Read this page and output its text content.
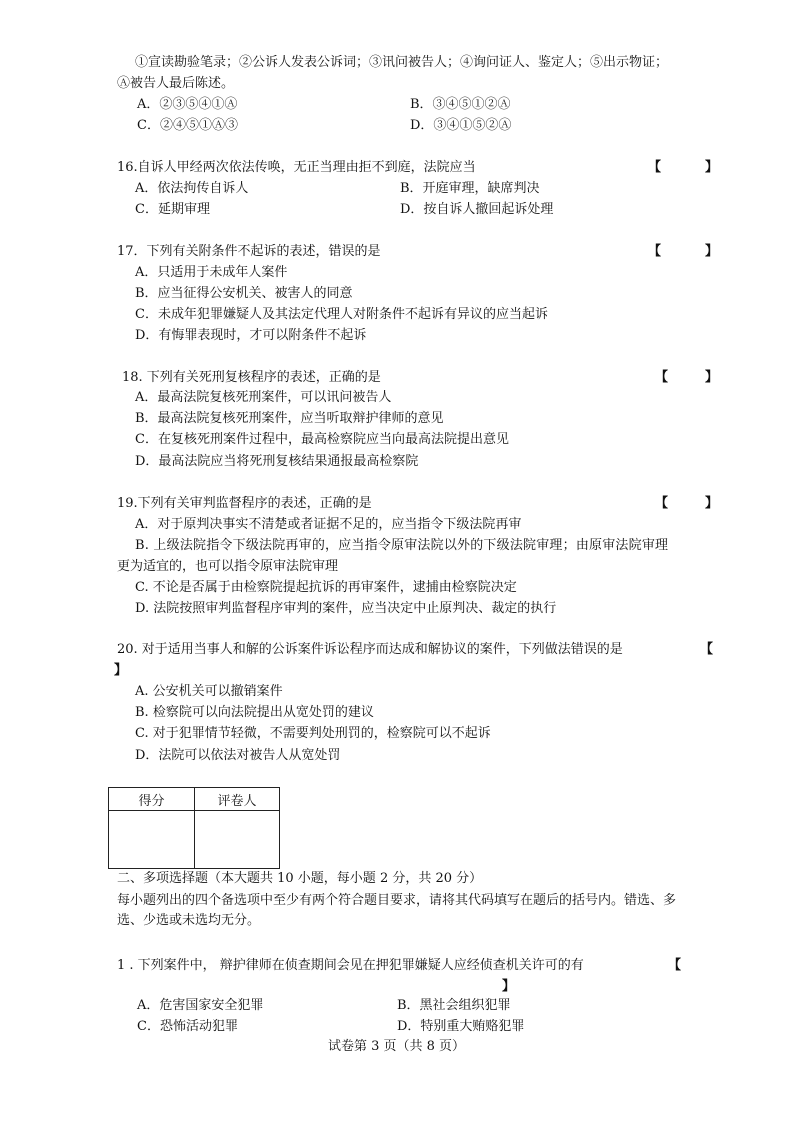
①宣读勘验笔录；②公诉人发表公诉词；③讯问被告人；④询问证人、鉴定人；⑤出示物证；
Ⓐ被告人最后陈述。
A．②③⑤④①Ⓐ	B．③④⑤①②Ⓐ
C．②④⑤①Ⓐ③	D．③④①⑤②Ⓐ
16.自诉人甲经两次依法传唤，无正当理由拒不到庭，法院应当	【	】
A．依法拘传自诉人	B．开庭审理，缺席判决
C．延期审理	D．按自诉人撤回起诉处理
17．下列有关附条件不起诉的表述，错误的是	【	】
A．只适用于未成年人案件
B．应当征得公安机关、被害人的同意
C．未成年犯罪嫌疑人及其法定代理人对附条件不起诉有异议的应当起诉
D．有悔罪表现时，才可以附条件不起诉
18. 下列有关死刑复核程序的表述，正确的是	【	】
A．最高法院复核死刑案件，可以讯问被告人
B．最高法院复核死刑案件，应当听取辩护律师的意见
C．在复核死刑案件过程中，最高检察院应当向最高法院提出意见
D．最高法院应当将死刑复核结果通报最高检察院
19.下列有关审判监督程序的表述，正确的是	【	】
A．对于原判决事实不清楚或者证据不足的，应当指令下级法院再审
B. 上级法院指令下级法院再审的，应当指令原审法院以外的下级法院审理；由原审法院审理
更为适宜的，也可以指令原审法院审理
C. 不论是否属于由检察院提起抗诉的再审案件，逮捕由检察院决定
D. 法院按照审判监督程序审判的案件，应当决定中止原判决、裁定的执行
20. 对于适用当事人和解的公诉案件诉讼程序而达成和解协议的案件，下列做法错误的是	【
】
A. 公安机关可以撤销案件
B. 检察院可以向法院提出从宽处罚的建议
C. 对于犯罪情节轻微，不需要判处刑罚的，检察院可以不起诉
D．法院可以依法对被告人从宽处罚
得分	评卷人

二、多项选择题（本大题共 10 小题，每小题 2 分，共 20 分）
每小题列出的四个备选项中至少有两个符合题目要求，请将其代码填写在题后的括号内。错选、多
选、少选或未选均无分。
1 . 下列案件中， 辩护律师在侦查期间会见在押犯罪嫌疑人应经侦查机关许可的有	【
】
A．危害国家安全犯罪	B．黑社会组织犯罪
C．恐怖活动犯罪	D．特别重大贿赂犯罪
试卷第 3 页（共 8 页）
